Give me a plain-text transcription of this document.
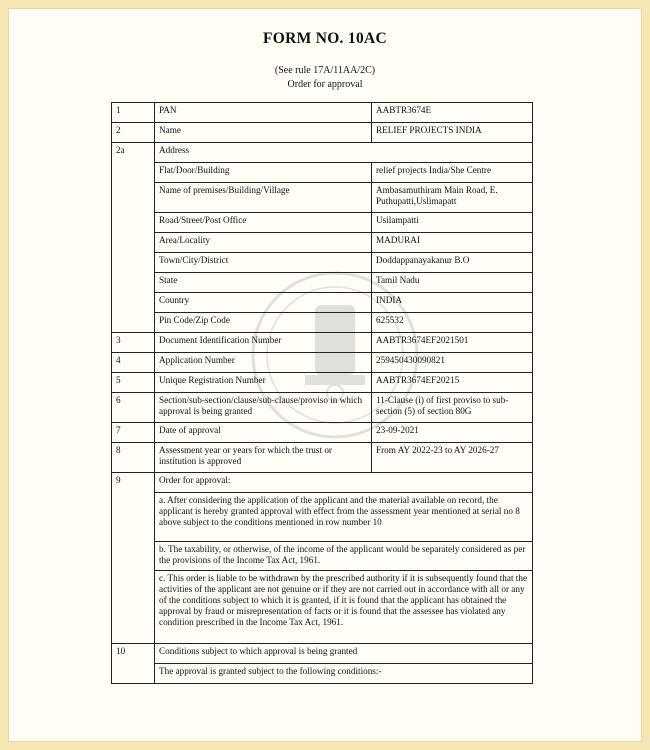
FORM NO. 10AC
(See rule 17A/11AA/2C)
Order for approval
1	PAN	AABTR3674E
2	Name	RELIEF PROJECTS INDIA
2a	Address	
	Flat/Door/Building	relief projects India/She Centre
	Name of premises/Building/Village	Ambasamuthiram Main Road, E. Puthupatti,Uslimapatt
	Road/Street/Post Office	Usilampatti
	Area/Locality	MADURAI
	Town/City/District	Doddappanayakanur B.O
	State	Tamil Nadu
	Country	INDIA
	Pin Code/Zip Code	625532
3	Document Identification Number	AABTR3674EF2021501
4	Application Number	259450430090821
5	Unique Registration Number	AABTR3674EF20215
6	Section/sub-section/clause/sub-clause/proviso in which approval is being granted	11-Clause (i) of first proviso to sub-section (5) of section 80G
7	Date of approval	23-09-2021
8	Assessment year or years for which the trust or institution is approved	From AY 2022-23 to AY 2026-27
9	Order for approval:	
	a. After considering the application of the applicant and the material available on record, the applicant is hereby granted approval with effect from the assessment year mentioned at serial no 8 above subject to the conditions mentioned in row number 10	
	b. The taxability, or otherwise, of the income of the applicant would be separately considered as per the provisions of the Income Tax Act, 1961.	
	c. This order is liable to be withdrawn by the prescribed authority if it is subsequently found that the activities of the applicant are not genuine or if they are not carried out in accordance with all or any of the conditions subject to which it is granted, if it is found that the applicant has obtained the approval by fraud or misrepresentation of facts or it is found that the assessee has violated any condition prescribed in the Income Tax Act, 1961.	
10	Conditions subject to which approval is being granted	
	The approval is granted subject to the following conditions:-	
